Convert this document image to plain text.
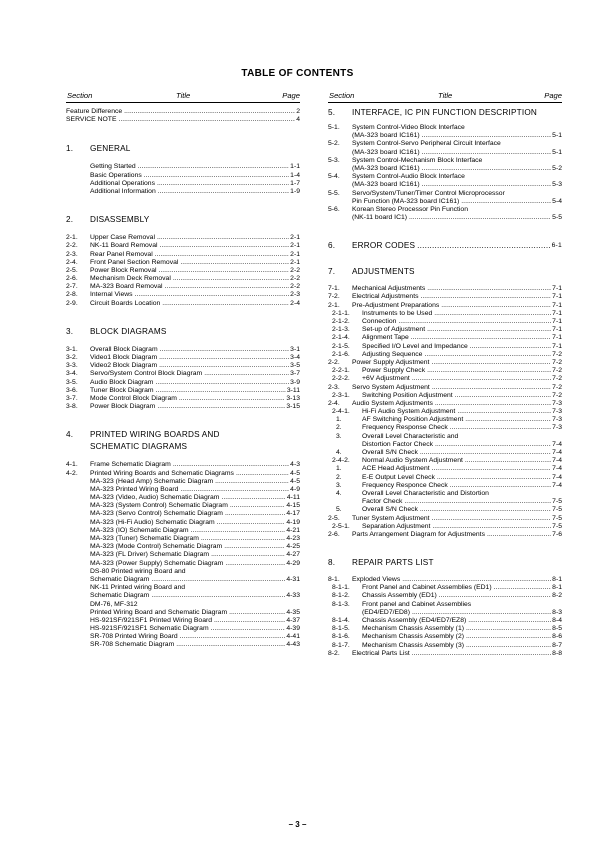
TABLE OF CONTENTS
Section	Title	Page
Feature Difference .....	2
SERVICE NOTE .....	4
1. GENERAL
Getting Started .....	1-1
Basic Operations .....	1-4
Additional Operations .....	1-7
Additional Information .....	1-9
2. DISASSEMBLY
2-1. Upper Case Removal .....	2-1
2-2. NK-11 Board Removal .....	2-1
2-3. Rear Panel Removal .....	2-1
2-4. Front Panel Section Removal .....	2-1
2-5. Power Block Removal .....	2-2
2-6. Mechanism Deck Removal .....	2-2
2-7. MA-323 Board Removal .....	2-2
2-8. Internal Views .....	2-3
2-9. Circuit Boards Location .....	2-4
3. BLOCK DIAGRAMS
3-1. Overall Block Diagram .....	3-1
3-2. Video1 Block Diagram .....	3-4
3-3. Video2 Block Diagram .....	3-5
3-4. Servo/System Control Block Diagram .....	3-7
3-5. Audio Block Diagram .....	3-9
3-6. Tuner Block Diagram .....	3-11
3-7. Mode Control Block Diagram .....	3-13
3-8. Power Block Diagram .....	3-15
4. PRINTED WIRING BOARDS AND
SCHEMATIC DIAGRAMS
4-1. Frame Schematic Diagram .....	4-3
4-2. Printed Wiring Boards and Schematic Diagrams .....	4-5
MA-323 (Head Amp) Schematic Diagram .....	4-5
MA-323 Printed Wiring Board .....	4-9
MA-323 (Video, Audio) Schematic Diagram .....	4-11
MA-323 (System Control) Schematic Diagram .....	4-15
MA-323 (Servo Control) Schematic Diagram .....	4-17
MA-323 (Hi-Fi Audio) Schematic Diagram .....	4-19
MA-323 (IO) Schematic Diagram .....	4-21
MA-323 (Tuner) Schematic Diagram .....	4-23
MA-323 (Mode Control) Schematic Diagram .....	4-25
MA-323 (FL Driver) Schematic Diagram .....	4-27
MA-323 (Power Supply) Schematic Diagram .....	4-29
DS-80 Printed wiring Board and
Schematic Diagram .....	4-31
NK-11 Printed wiring Board and
Schematic Diagram .....	4-33
DM-76, MF-312
Printed Wiring Board and Schematic Diagram .....	4-35
HS-921SF/921SF1 Printed Wiring Board .....	4-37
HS-921SF/921SF1 Schematic Diagram .....	4-39
SR-708 Printed Wiring Board .....	4-41
SR-708 Schematic Diagram .....	4-43
Section	Title	Page
5. INTERFACE, IC PIN FUNCTION DESCRIPTION
5-1. System Control-Video Block Interface
(MA-323 board IC161) .....	5-1
5-2. System Control-Servo Peripheral Circuit Interface
(MA-323 board IC161) .....	5-1
5-3. System Control-Mechanism Block Interface
(MA-323 board IC161) .....	5-2
5-4. System Control-Audio Block Interface
(MA-323 board IC161) .....	5-3
5-5. Servo/System/Tuner/Timer Control Microprocessor
Pin Function (MA-323 board IC161) .....	5-4
5-6. Korean Stereo Processor Pin Function
(NK-11 board IC1) .....	5-5
6. ERROR CODES .....	6-1
7. ADJUSTMENTS
7-1. Mechanical Adjustments .....	7-1
7-2. Electrical Adjustments .....	7-1
2-1. Pre-Adjustment Preparations .....	7-1
2-1-1. Instruments to be Used .....	7-1
2-1-2. Connection .....	7-1
2-1-3. Set-up of Adjustment .....	7-1
2-1-4. Alignment Tape .....	7-1
2-1-5. Specified I/O Level and Impedance .....	7-1
2-1-6. Adjusting Sequence .....	7-2
2-2. Power Supply Adjustment .....	7-2
2-2-1. Power Supply Check .....	7-2
2-2-2. +6V Adjustment .....	7-2
2-3. Servo System Adjustment .....	7-2
2-3-1. Switching Position Adjustment .....	7-2
2-4. Audio System Adjustments .....	7-3
2-4-1. Hi-Fi Audio System Adjustment .....	7-3
1.	AF Switching Position Adjustment .....	7-3
2.	Frequency Response Check .....	7-3
3.	Overall Level Characteristic and
Distortion Factor Check .....	7-4
4.	Overall S/N Check .....	7-4
2-4-2. Normal Audio System Adjustment .....	7-4
1.	ACE Head Adjustment .....	7-4
2.	E-E Output Level Check .....	7-4
3.	Frequency Responce Check .....	7-4
4.	Overall Level Characteristic and Distortion
Factor Check .....	7-5
5.	Overall S/N Check .....	7-5
2-5. Tuner System Adjustment .....	7-5
2-5-1. Separation Adjustment .....	7-5
2-6. Parts Arrangement Diagram for Adjustments .....	7-6
8. REPAIR PARTS LIST
8-1. Exploded Views .....	8-1
8-1-1. Front Panel and Cabinet Assemblies (ED1) .....	8-1
8-1-2. Chassis Assembly (ED1) .....	8-2
8-1-3. Front panel and Cabinet Assemblies
(ED4/ED7/ED8) .....	8-3
8-1-4. Chassis Assembly (ED4/ED7/EZ8) .....	8-4
8-1-5. Mechanism Chassis Assembly (1) .....	8-5
8-1-6. Mechanism Chassis Assembly (2) .....	8-6
8-1-7. Mechanism Chassis Assembly (3) .....	8-7
8-2. Electrical Parts List .....	8-8
– 3 –
